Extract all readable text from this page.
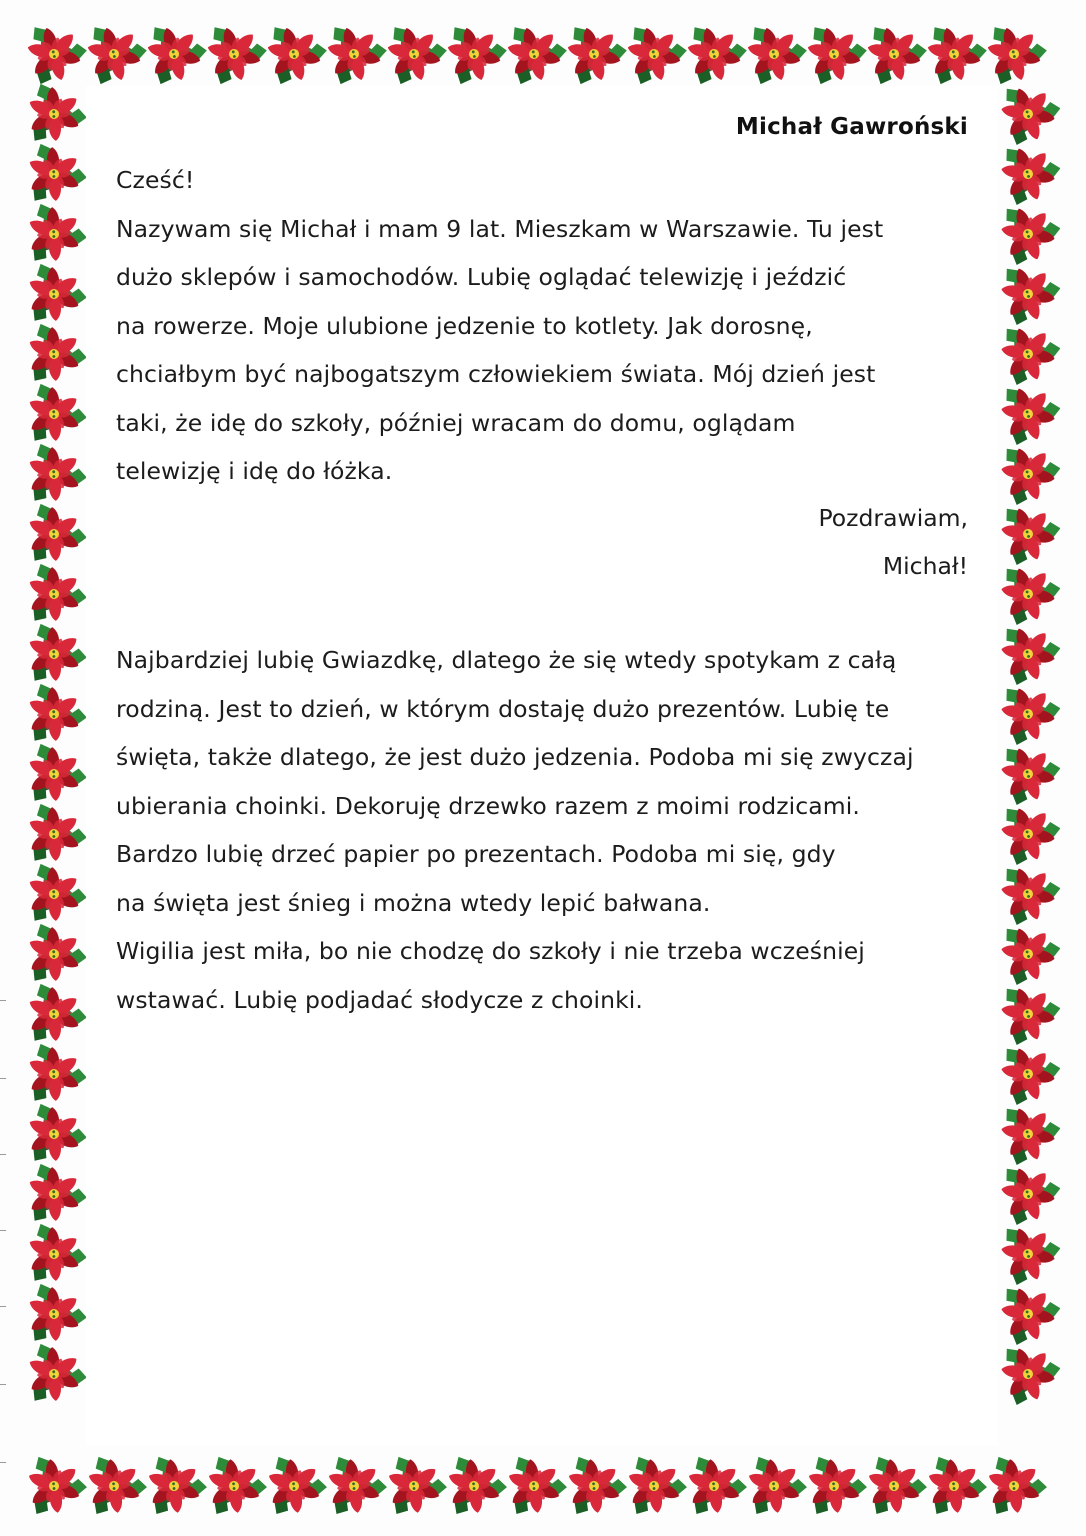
Michał Gawroński

Cześć!

Nazywam się Michał i mam 9 lat. Mieszkam w Warszawie. Tu jest

dużo sklepów i samochodów. Lubię oglądać telewizję i jeździć

na rowerze. Moje ulubione jedzenie to kotlety. Jak dorosnę,

chciałbym być najbogatszym człowiekiem świata. Mój dzień jest

taki, że idę do szkoły, później wracam do domu, oglądam

telewizję i idę do łóżka.

Pozdrawiam,
Michał!

Najbardziej lubię Gwiazdkę, dlatego że się wtedy spotykam z całą

rodziną. Jest to dzień, w którym dostaję dużo prezentów. Lubię te

święta, także dlatego, że jest dużo jedzenia. Podoba mi się zwyczaj

ubierania choinki. Dekoruję drzewko razem z moimi rodzicami.

Bardzo lubię drzeć papier po prezentach. Podoba mi się, gdy

na święta jest śnieg i można wtedy lepić bałwana.

Wigilia jest miła, bo nie chodzę do szkoły i nie trzeba wcześniej

wstawać. Lubię podjadać słodycze z choinki.
